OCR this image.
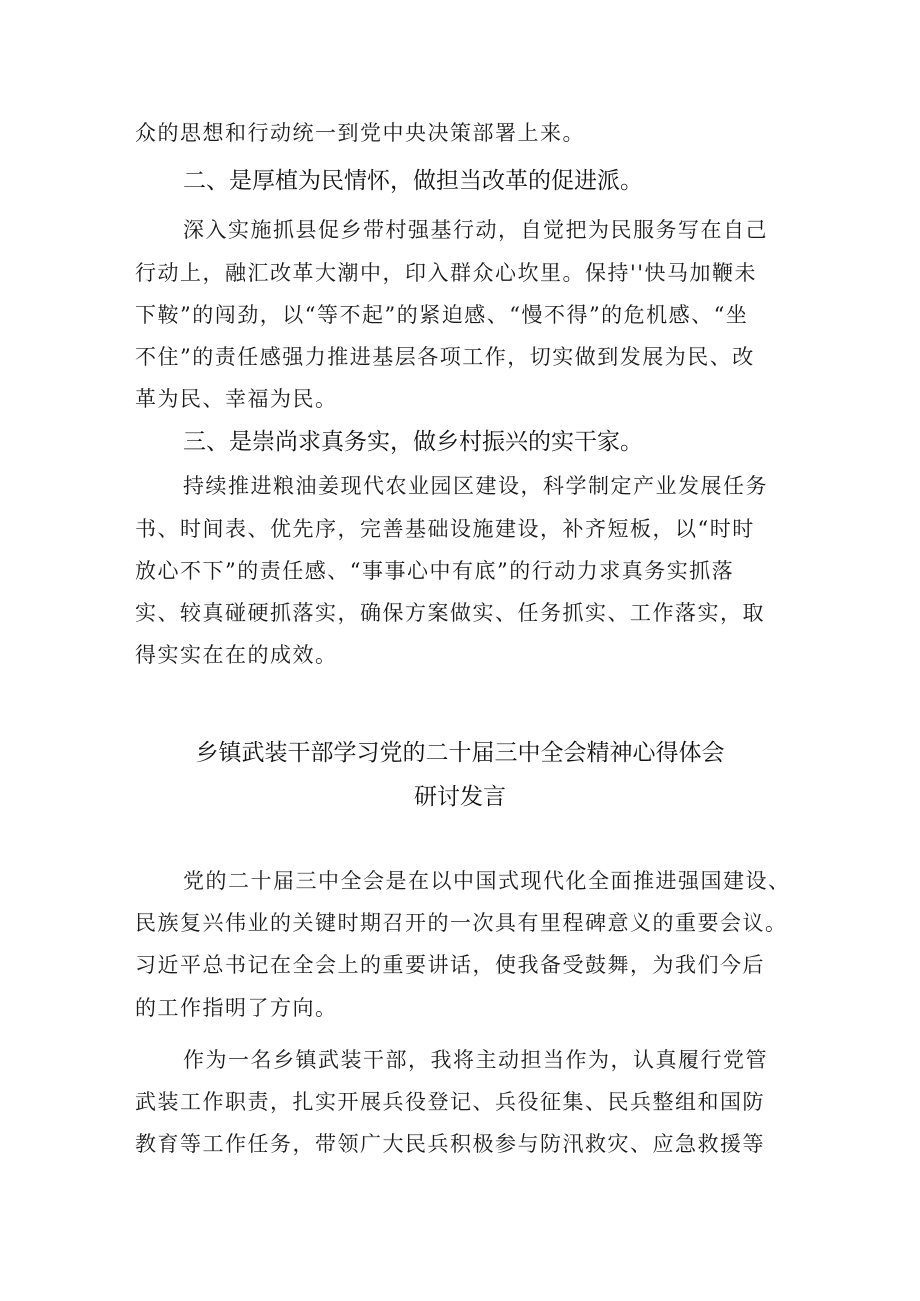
众的思想和行动统一到党中央决策部署上来。
二、是厚植为民情怀，做担当改革的促进派。
深入实施抓县促乡带村强基行动，自觉把为民服务写在自己
行动上，融汇改革大潮中，印入群众心坎里。保持''快马加鞭未
下鞍”的闯劲，以“等不起”的紧迫感、“慢不得”的危机感、“坐
不住”的责任感强力推进基层各项工作，切实做到发展为民、改
革为民、幸福为民。
三、是崇尚求真务实，做乡村振兴的实干家。
持续推进粮油姜现代农业园区建设，科学制定产业发展任务
书、时间表、优先序，完善基础设施建设，补齐短板，以“时时
放心不下”的责任感、“事事心中有底”的行动力求真务实抓落
实、较真碰硬抓落实，确保方案做实、任务抓实、工作落实，取
得实实在在的成效。
乡镇武装干部学习党的二十届三中全会精神心得体会
研讨发言
党的二十届三中全会是在以中国式现代化全面推进强国建设、
民族复兴伟业的关键时期召开的一次具有里程碑意义的重要会议。
习近平总书记在全会上的重要讲话，使我备受鼓舞，为我们今后
的工作指明了方向。
作为一名乡镇武装干部，我将主动担当作为，认真履行党管
武装工作职责，扎实开展兵役登记、兵役征集、民兵整组和国防
教育等工作任务，带领广大民兵积极参与防汛救灾、应急救援等
